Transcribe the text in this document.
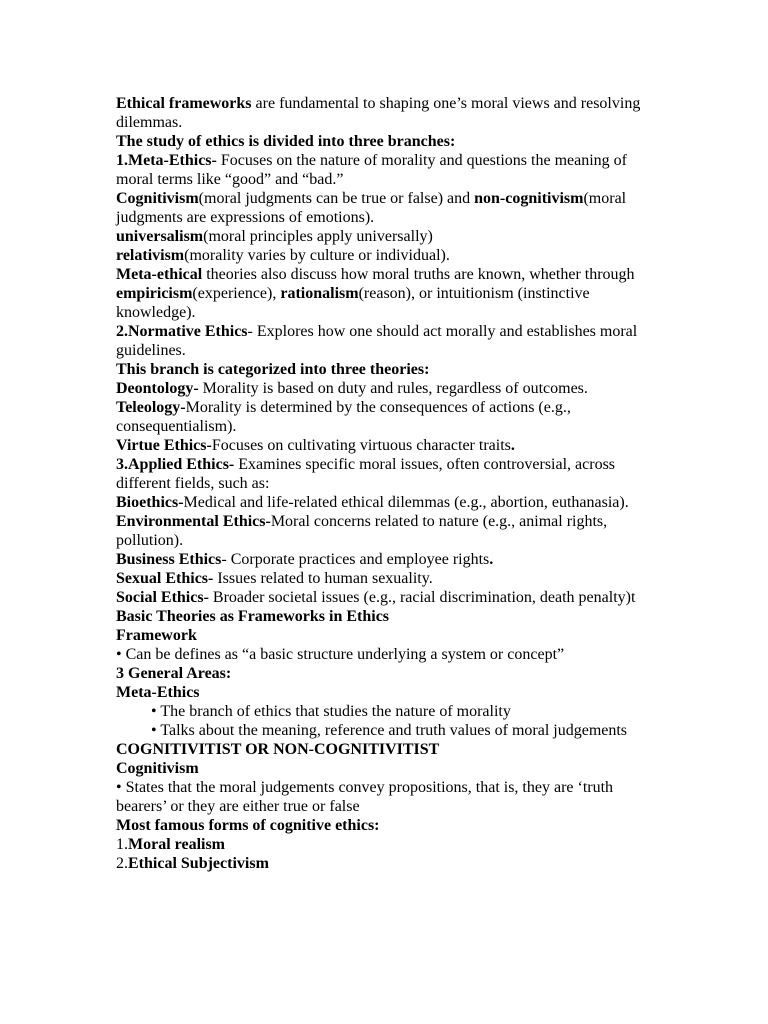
Ethical frameworks are fundamental to shaping one’s moral views and resolving dilemmas.

The study of ethics is divided into three branches:

1.Meta-Ethics- Focuses on the nature of morality and questions the meaning of moral terms like “good” and “bad.”

Cognitivism(moral judgments can be true or false) and non-cognitivism(moral judgments are expressions of emotions).

universalism(moral principles apply universally)

relativism(morality varies by culture or individual).

Meta-ethical theories also discuss how moral truths are known, whether through empiricism(experience), rationalism(reason), or intuitionism (instinctive knowledge).

2.Normative Ethics- Explores how one should act morally and establishes moral guidelines.

This branch is categorized into three theories:

Deontology- Morality is based on duty and rules, regardless of outcomes.

Teleology-Morality is determined by the consequences of actions (e.g., consequentialism).

Virtue Ethics-Focuses on cultivating virtuous character traits.

3.Applied Ethics- Examines specific moral issues, often controversial, across different fields, such as:

Bioethics-Medical and life-related ethical dilemmas (e.g., abortion, euthanasia).

Environmental Ethics-Moral concerns related to nature (e.g., animal rights, pollution).

Business Ethics- Corporate practices and employee rights.

Sexual Ethics- Issues related to human sexuality.

Social Ethics- Broader societal issues (e.g., racial discrimination, death penalty)t

Basic Theories as Frameworks in Ethics

Framework

• Can be defines as “a basic structure underlying a system or concept”

3 General Areas:

Meta-Ethics

• The branch of ethics that studies the nature of morality

• Talks about the meaning, reference and truth values of moral judgements

COGNITIVITIST OR NON-COGNITIVITIST

Cognitivism

• States that the moral judgements convey propositions, that is, they are ‘truth bearers’ or they are either true or false

Most famous forms of cognitive ethics:

1.Moral realism

2.Ethical Subjectivism
